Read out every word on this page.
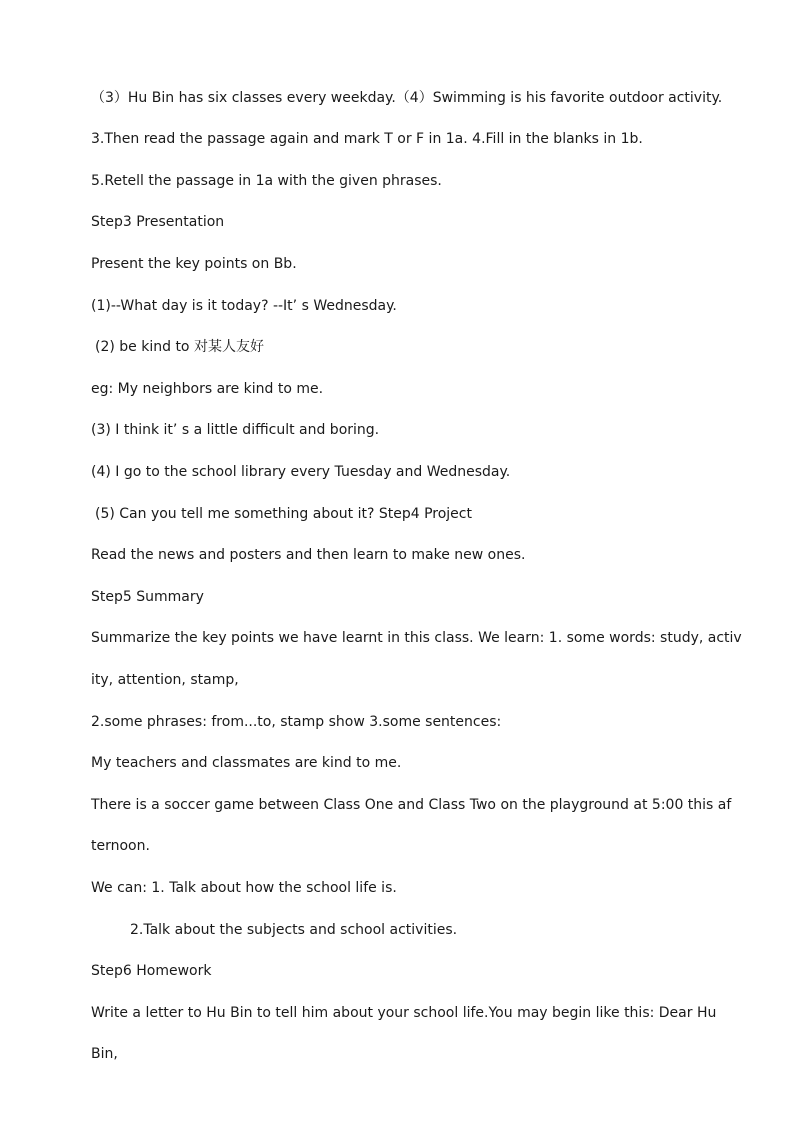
（3）Hu Bin has six classes every weekday.（4）Swimming is his favorite outdoor activity.
3.Then read the passage again and mark T or F in 1a. 4.Fill in the blanks in 1b.
5.Retell the passage in 1a with the given phrases.
Step3 Presentation
Present the key points on Bb.
(1)--What day is it today? --It’ s Wednesday.
(2) be kind to 对某人友好
eg: My neighbors are kind to me.
(3) I think it’ s a little difficult and boring.
(4) I go to the school library every Tuesday and Wednesday.
(5) Can you tell me something about it? Step4 Project
Read the news and posters and then learn to make new ones.
Step5 Summary
Summarize the key points we have learnt in this class. We learn: 1. some words: study, activ
ity, attention, stamp,
2.some phrases: from...to, stamp show 3.some sentences:
My teachers and classmates are kind to me.
There is a soccer game between Class One and Class Two on the playground at 5:00 this af
ternoon.
We can: 1. Talk about how the school life is.
2.Talk about the subjects and school activities.
Step6 Homework
Write a letter to Hu Bin to tell him about your school life.You may begin like this: Dear Hu
Bin,
